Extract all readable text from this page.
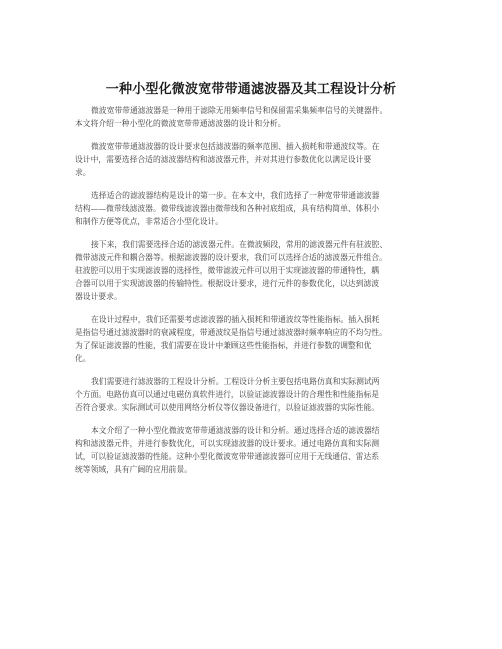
一种小型化微波宽带带通滤波器及其工程设计分析

微波宽带带通滤波器是一种用于滤除无用频率信号和保留需采集频率信号的关键器件。
本文将介绍一种小型化的微波宽带带通滤波器的设计和分析。

微波宽带带通滤波器的设计要求包括滤波器的频率范围、插入损耗和带通波纹等。在
设计中，需要选择合适的滤波器结构和滤波器元件，并对其进行参数优化以满足设计要
求。

选择适合的滤波器结构是设计的第一步。在本文中，我们选择了一种宽带带通滤波器
结构——微带线滤波器。微带线滤波器由微带线和各种衬底组成，具有结构简单、体积小
和制作方便等优点，非常适合小型化设计。

接下来，我们需要选择合适的滤波器元件。在微波频段，常用的滤波器元件有驻波腔、
微带滤波元件和耦合器等。根据滤波器的设计要求，我们可以选择合适的滤波器元件组合。
驻波腔可以用于实现滤波器的选择性，微带滤波元件可以用于实现滤波器的带通特性，耦
合器可以用于实现滤波器的传输特性。根据设计要求，进行元件的参数优化，以达到滤波
器设计要求。

在设计过程中，我们还需要考虑滤波器的插入损耗和带通波纹等性能指标。插入损耗
是指信号通过滤波器时的衰减程度，带通波纹是指信号通过滤波器时频率响应的不均匀性。
为了保证滤波器的性能，我们需要在设计中兼顾这些性能指标，并进行参数的调整和优
化。

我们需要进行滤波器的工程设计分析。工程设计分析主要包括电路仿真和实际测试两
个方面。电路仿真可以通过电磁仿真软件进行，以验证滤波器设计的合理性和性能指标是
否符合要求。实际测试可以使用网络分析仪等仪器设备进行，以验证滤波器的实际性能。

本文介绍了一种小型化微波宽带带通滤波器的设计和分析。通过选择合适的滤波器结
构和滤波器元件，并进行参数优化，可以实现滤波器的设计要求。通过电路仿真和实际测
试，可以验证滤波器的性能。这种小型化微波宽带带通滤波器可应用于无线通信、雷达系
统等领域，具有广阔的应用前景。
